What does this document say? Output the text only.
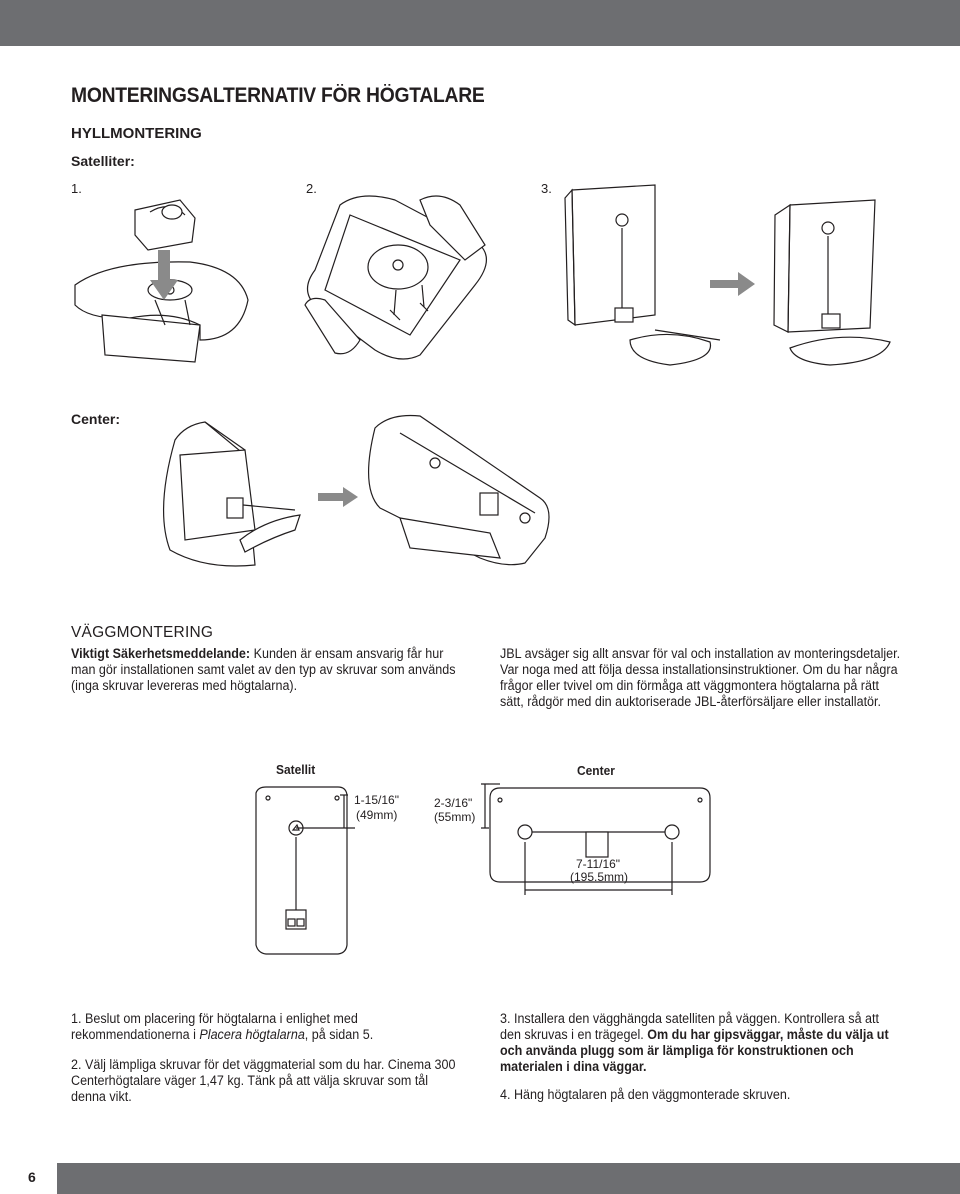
MONTERINGSALTERNATIV FÖR HÖGTALARE
HYLLMONTERING
Satelliter:
1.	2.	3.
Center:
VÄGGMONTERING
Viktigt Säkerhetsmeddelande: Kunden är ensam ansvarig får hur man gör installationen samt valet av den typ av skruvar som används (inga skruvar levereras med högtalarna).
JBL avsäger sig allt ansvar för val och installation av monteringsdetaljer. Var noga med att följa dessa installationsinstruktioner. Om du har några frågor eller tvivel om din förmåga att väggmontera högtalarna på rätt sätt, rådgör med din auktoriserade JBL-återförsäljare eller installatör.
Satellit	Center
1-15/16"
(49mm)
2-3/16"
(55mm)
7-11/16"
(195.5mm)
1. Beslut om placering för högtalarna i enlighet med rekommendationerna i Placera högtalarna, på sidan 5.
2. Välj lämpliga skruvar för det väggmaterial som du har. Cinema 300 Centerhögtalare väger 1,47 kg. Tänk på att välja skruvar som tål denna vikt.
3. Installera den vägghängda satelliten på väggen. Kontrollera så att den skruvas i en trägegel. Om du har gipsväggar, måste du välja ut och använda plugg som är lämpliga för konstruktionen och materialen i dina väggar.
4. Häng högtalaren på den väggmonterade skruven.
6
